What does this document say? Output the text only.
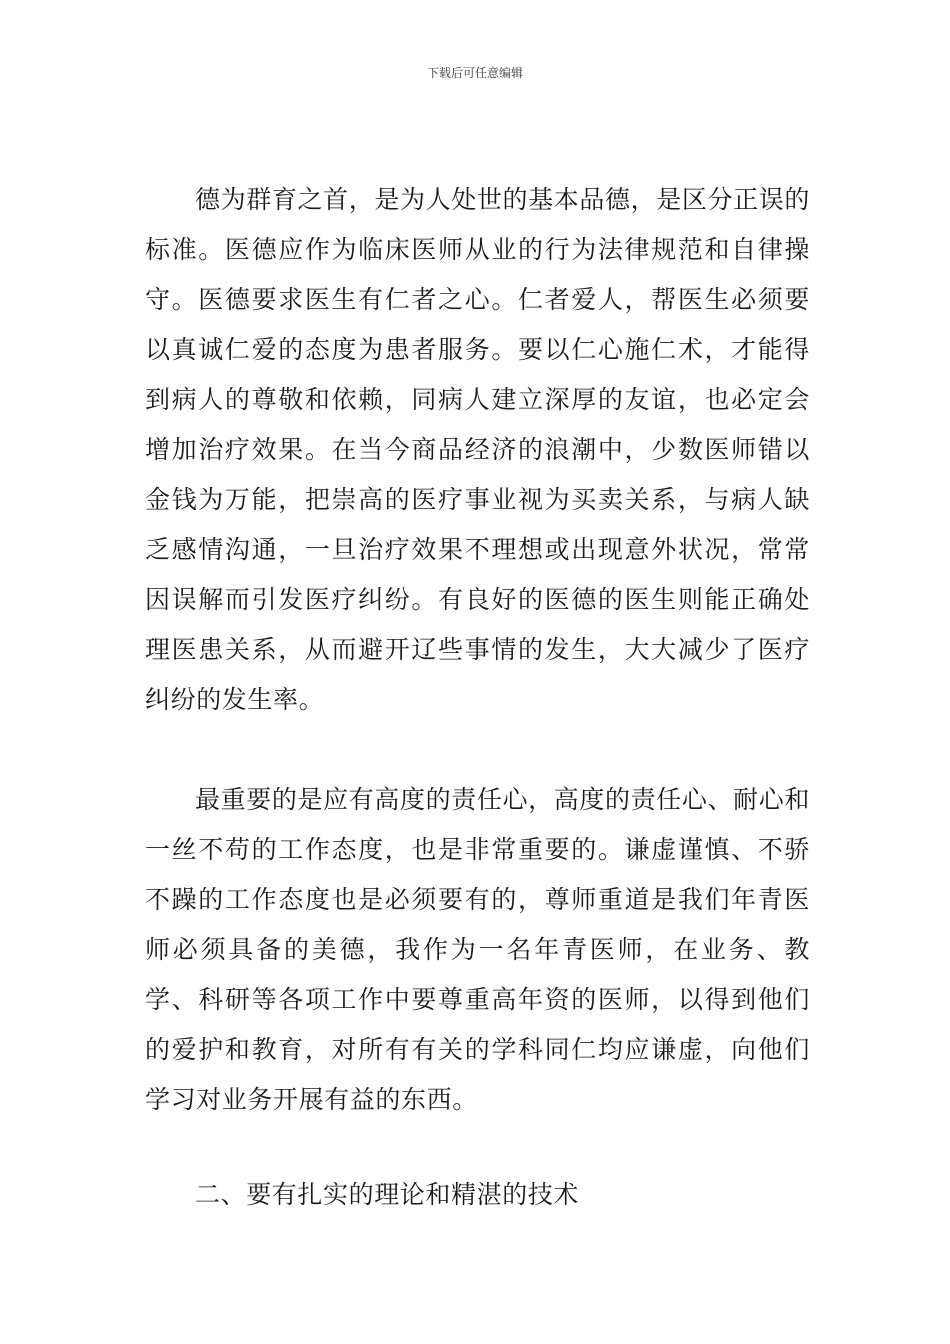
下载后可任意编辑

德为群育之首，是为人处世的基本品德，是区分正误的标准。医德应作为临床医师从业的行为法律规范和自律操守。医德要求医生有仁者之心。仁者爱人，帮医生必须要以真诚仁爱的态度为患者服务。要以仁心施仁术，才能得到病人的尊敬和依赖，同病人建立深厚的友谊，也必定会增加治疗效果。在当今商品经济的浪潮中，少数医师错以金钱为万能，把崇高的医疗事业视为买卖关系，与病人缺乏感情沟通，一旦治疗效果不理想或出现意外状况，常常因误解而引发医疗纠纷。有良好的医德的医生则能正确处理医患关系，从而避开辽些事情的发生，大大减少了医疗纠纷的发生率。

最重要的是应有高度的责任心，高度的责任心、耐心和一丝不苟的工作态度，也是非常重要的。谦虚谨慎、不骄不躁的工作态度也是必须要有的，尊师重道是我们年青医师必须具备的美德，我作为一名年青医师，在业务、教学、科研等各项工作中要尊重高年资的医师，以得到他们的爱护和教育，对所有有关的学科同仁均应谦虚，向他们学习对业务开展有益的东西。

二、要有扎实的理论和精湛的技术
